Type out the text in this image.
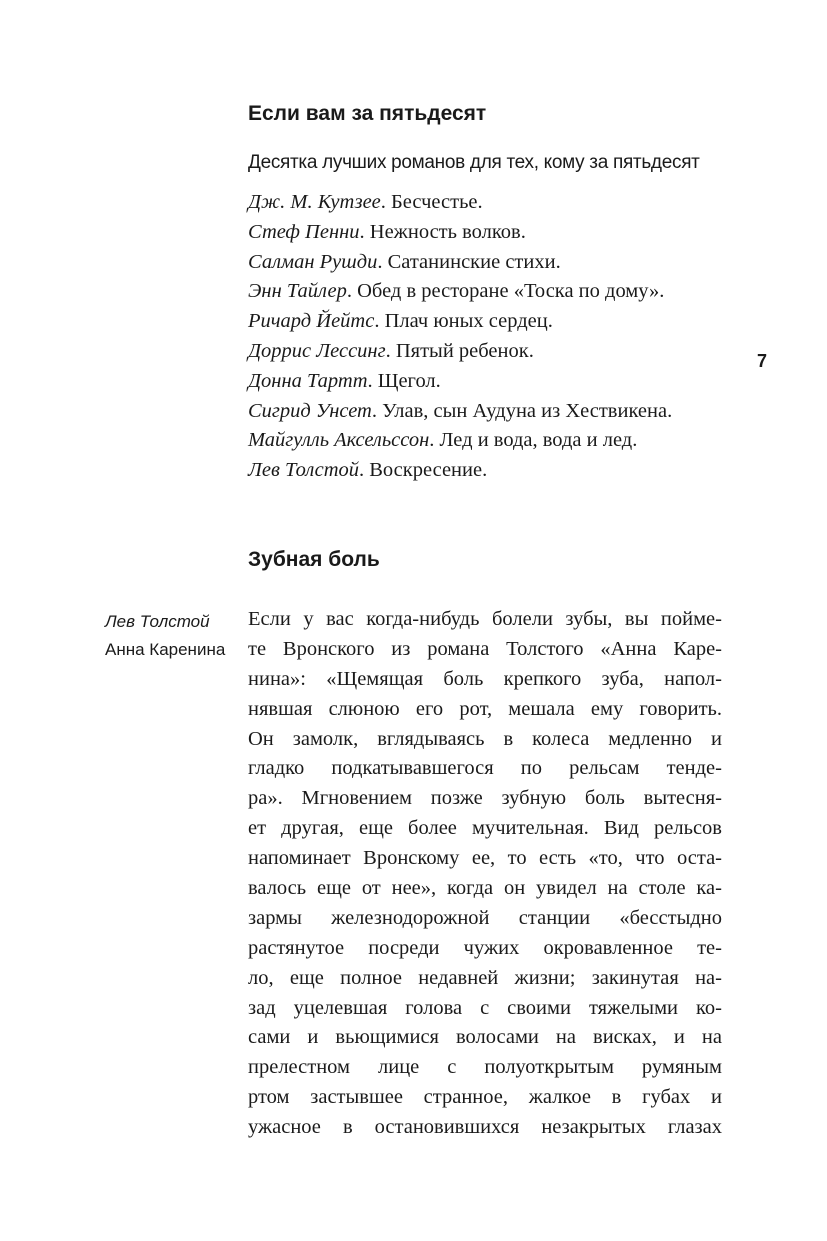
Если вам за пятьдесят
Десятка лучших романов для тех, кому за пятьдесят
Дж. М. Кутзее. Бесчестье.
Стеф Пенни. Нежность волков.
Салман Рушди. Сатанинские стихи.
Энн Тайлер. Обед в ресторане «Тоска по дому».
Ричард Йейтс. Плач юных сердец.
Доррис Лессинг. Пятый ребенок.
Донна Тартт. Щегол.
Сигрид Унсет. Улав, сын Аудуна из Хествикена.
Майгулль Аксельссон. Лед и вода, вода и лед.
Лев Толстой. Воскресение.
7
Зубная боль
Лев Толстой
Анна Каренина
Если у вас когда-нибудь болели зубы, вы пойме-
те Вронского из романа Толстого «Анна Каре-
нина»: «Щемящая боль крепкого зуба, напол-
нявшая слюною его рот, мешала ему говорить.
Он замолк, вглядываясь в колеса медленно и
гладко подкатывавшегося по рельсам тенде-
ра». Мгновением позже зубную боль вытесня-
ет другая, еще более мучительная. Вид рельсов
напоминает Вронскому ее, то есть «то, что оста-
валось еще от нее», когда он увидел на столе ка-
зармы железнодорожной станции «бесстыдно
растянутое посреди чужих окровавленное те-
ло, еще полное недавней жизни; закинутая на-
зад уцелевшая голова с своими тяжелыми ко-
сами и вьющимися волосами на висках, и на
прелестном лице с полуоткрытым румяным
ртом застывшее странное, жалкое в губах и
ужасное в остановившихся незакрытых глазах
